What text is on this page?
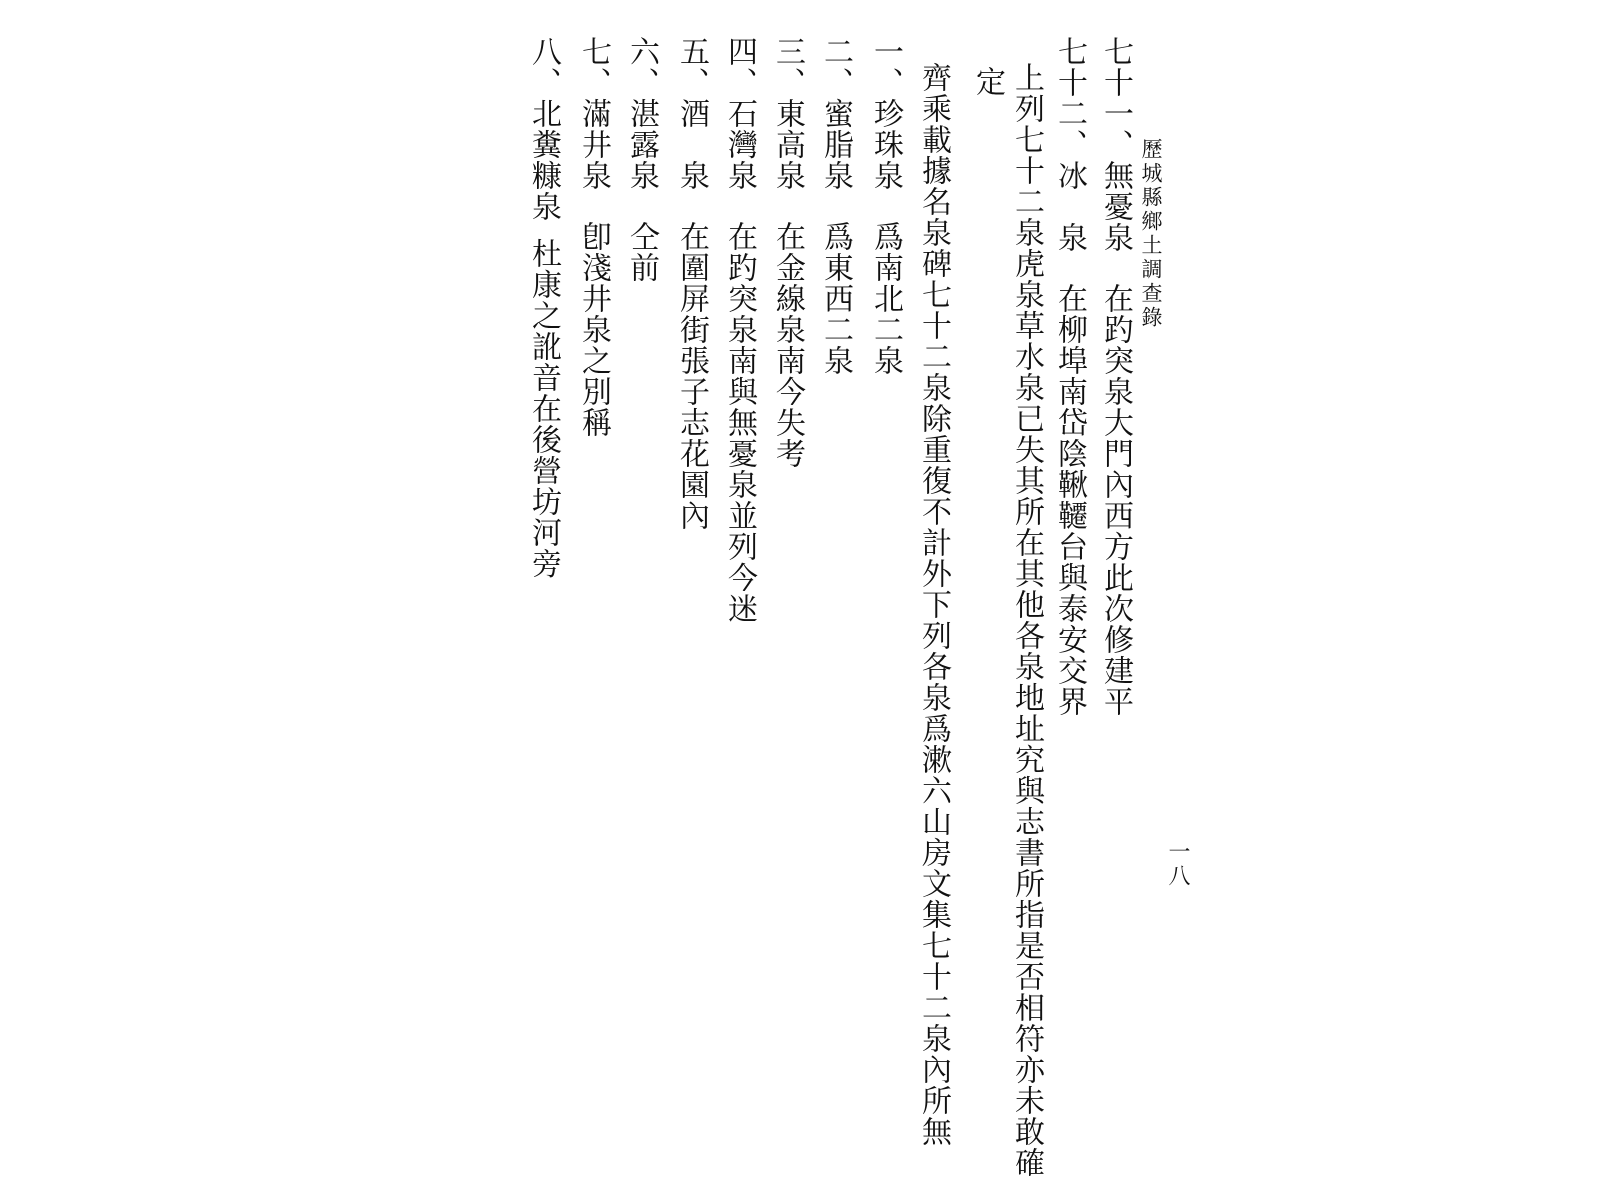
歷城縣鄉土調查錄
一八
七十一、無憂泉在趵突泉大門內西方此次修建平
七十二、冰　泉在柳埠南岱陰鞦韆台與泰安交界
定 上列七十二泉虎泉草水泉已失其所在其他各泉地址究與志書所指是否相符亦未敢確
齊乘載據名泉碑七十二泉除重復不計外下列各泉爲漱六山房文集七十二泉內所無
一、珍珠泉爲南北二泉
二、蜜脂泉爲東西二泉
三、東高泉在金線泉南今失考
四、石灣泉在趵突泉南與無憂泉並列今迷
五、酒　泉在圍屏街張子志花園內
六、湛露泉仝前
七、滿井泉卽淺井泉之別稱
八、北糞糠泉杜康之訛音在後營坊河旁
